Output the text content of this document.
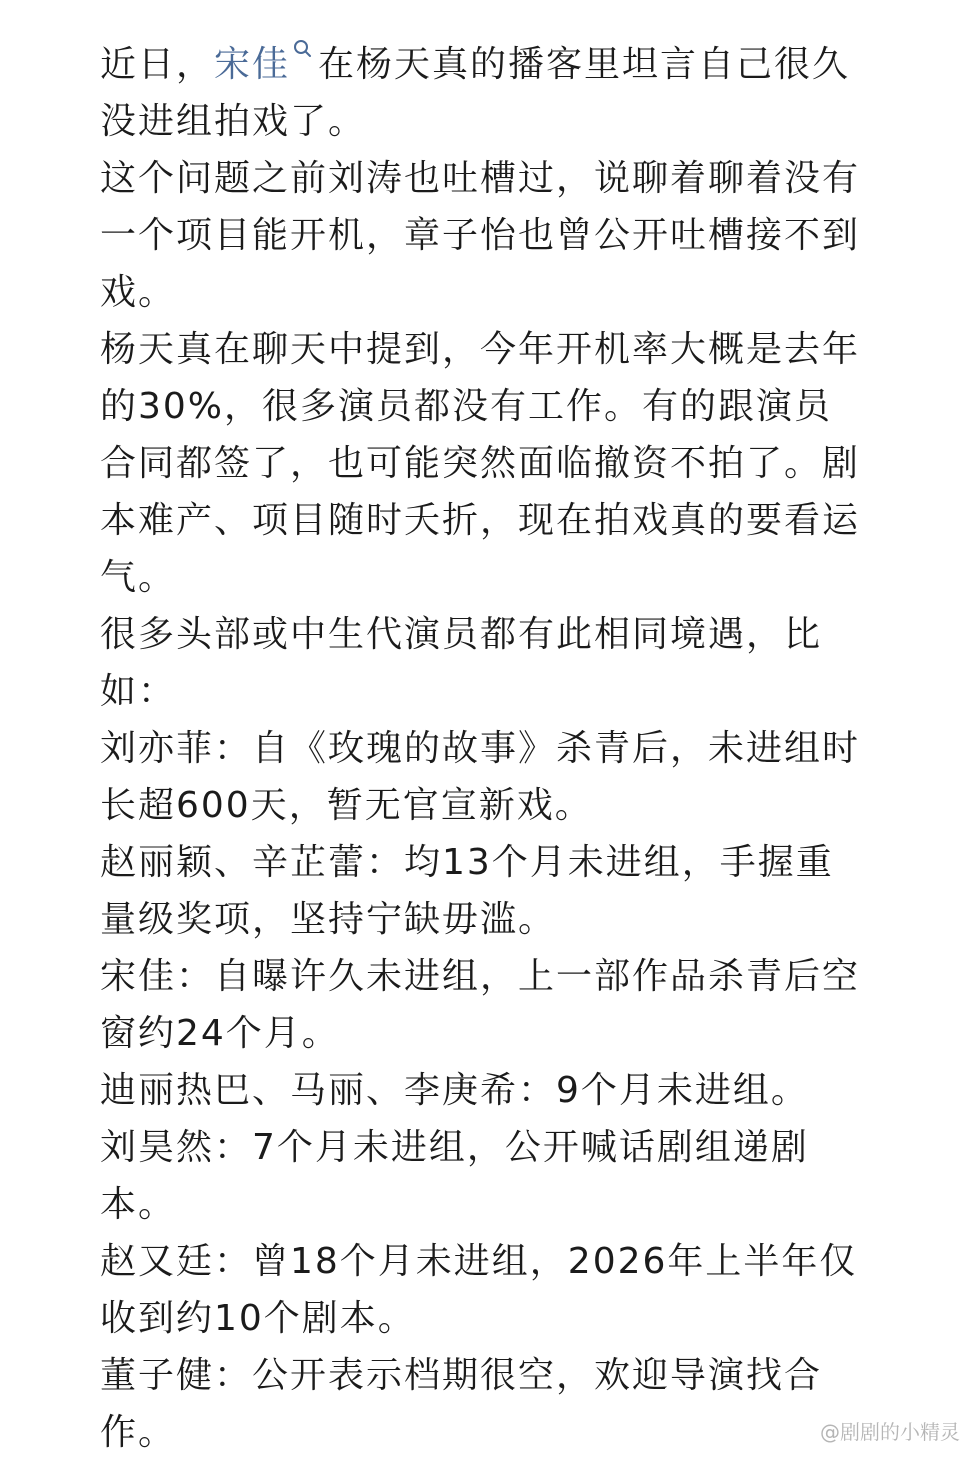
近日，宋佳 在杨天真的播客里坦言自己很久没进组拍戏了。

这个问题之前刘涛也吐槽过，说聊着聊着没有一个项目能开机，章子怡也曾公开吐槽接不到戏。

杨天真在聊天中提到，今年开机率大概是去年的30%，很多演员都没有工作。有的跟演员合同都签了，也可能突然面临撤资不拍了。剧本难产、项目随时夭折，现在拍戏真的要看运气。

很多头部或中生代演员都有此相同境遇，比如：

刘亦菲：自《玫瑰的故事》杀青后，未进组时长超600天，暂无官宣新戏。

赵丽颖、辛芷蕾：均13个月未进组，手握重量级奖项，坚持宁缺毋滥。

宋佳：自曝许久未进组，上一部作品杀青后空窗约24个月。

迪丽热巴、马丽、李庚希：9个月未进组。

刘昊然：7个月未进组，公开喊话剧组递剧本。

赵又廷：曾18个月未进组，2026年上半年仅收到约10个剧本。

董子健：公开表示档期很空，欢迎导演找合作。	@剧剧的小精灵
